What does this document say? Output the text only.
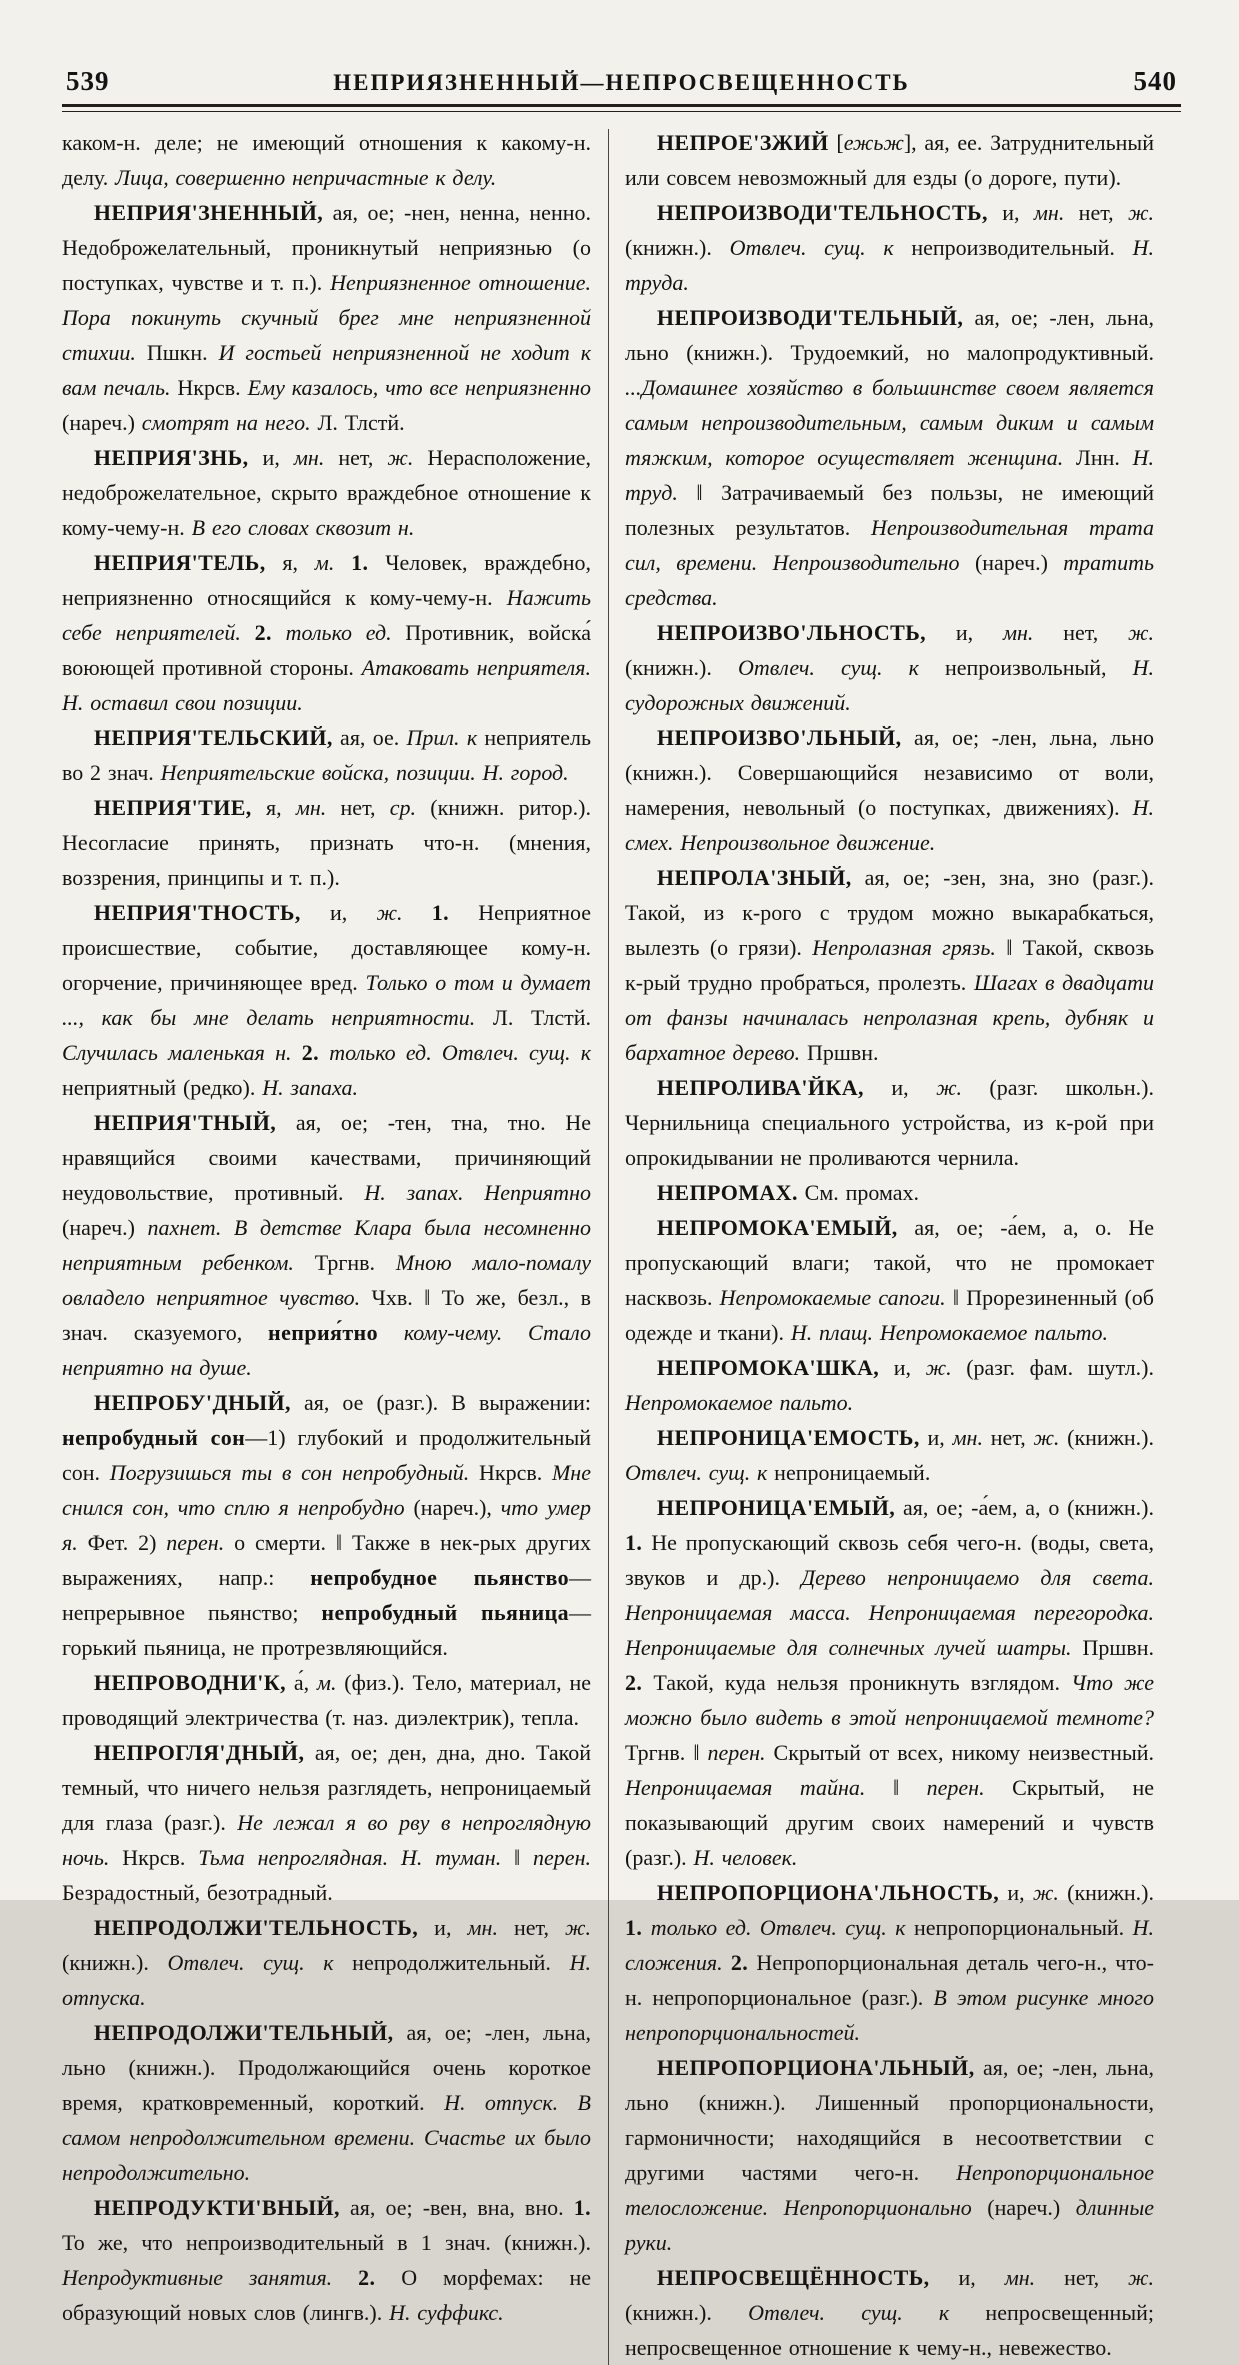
539	НЕПРИЯЗНЕННЫЙ—НЕПРОСВЕЩЕННОСТЬ	540

каком-н. деле; не имеющий отношения к какому-н. делу. Лица, совершенно непричастные к делу.

НЕПРИЯ'ЗНЕННЫЙ, ая, ое; -нен, ненна, ненно. Недоброжелательный, проникнутый неприязнью (о поступках, чувстве и т. п.). Неприязненное отношение. Пора покинуть скучный брег мне неприязненной стихии. Пшкн. И гостьей неприязненной не ходит к вам печаль. Нкрсв. Ему казалось, что все неприязненно (нареч.) смотрят на него. Л. Тлстй.

НЕПРИЯ'ЗНЬ, и, мн. нет, ж. Нерасположение, недоброжелательное, скрыто враждебное отношение к кому-чему-н. В его словах сквозит н.

НЕПРИЯ'ТЕЛЬ, я, м. 1. Человек, враждебно, неприязненно относящийся к кому-чему-н. Нажить себе неприятелей. 2. только ед. Противник, войска́ воюющей противной стороны. Атаковать неприятеля. Н. оставил свои позиции.

НЕПРИЯ'ТЕЛЬСКИЙ, ая, ое. Прил. к неприятель во 2 знач. Неприятельские войска, позиции. Н. город.

НЕПРИЯ'ТИЕ, я, мн. нет, ср. (книжн. ритор.). Несогласие принять, признать что-н. (мнения, воззрения, принципы и т. п.).

НЕПРИЯ'ТНОСТЬ, и, ж. 1. Неприятное происшествие, событие, доставляющее кому-н. огорчение, причиняющее вред. Только о том и думает ..., как бы мне делать неприятности. Л. Тлстй. Случилась маленькая н. 2. только ед. Отвлеч. сущ. к неприятный (редко). Н. запаха.

НЕПРИЯ'ТНЫЙ, ая, ое; -тен, тна, тно. Не нравящийся своими качествами, причиняющий неудовольствие, противный. Н. запах. Неприятно (нареч.) пахнет. В детстве Клара была несомненно неприятным ребенком. Тргнв. Мною мало-помалу овладело неприятное чувство. Чхв. ‖ То же, безл., в знач. сказуемого, неприя́тно кому-чему. Стало неприятно на душе.

НЕПРОБУ'ДНЫЙ, ая, ое (разг.). В выражении: непробудный сон—1) глубокий и продолжительный сон. Погрузишься ты в сон непробудный. Нкрсв. Мне снился сон, что сплю я непробудно (нареч.), что умер я. Фет. 2) перен. о смерти. ‖ Также в нек-рых других выражениях, напр.: непробудное пьянство—непрерывное пьянство; непробудный пьяница—горький пьяница, не протрезвляющийся.

НЕПРОВОДНИ'К, а́, м. (физ.). Тело, материал, не проводящий электричества (т. наз. диэлектрик), тепла.

НЕПРОГЛЯ'ДНЫЙ, ая, ое; ден, дна, дно. Такой темный, что ничего нельзя разглядеть, непроницаемый для глаза (разг.). Не лежал я во рву в непроглядную ночь. Нкрсв. Тьма непроглядная. Н. туман. ‖ перен. Безрадостный, безотрадный.

НЕПРОДОЛЖИ'ТЕЛЬНОСТЬ, и, мн. нет, ж. (книжн.). Отвлеч. сущ. к непродолжительный. Н. отпуска.

НЕПРОДОЛЖИ'ТЕЛЬНЫЙ, ая, ое; -лен, льна, льно (книжн.). Продолжающийся очень короткое время, кратковременный, короткий. Н. отпуск. В самом непродолжительном времени. Счастье их было непродолжительно.

НЕПРОДУКТИ'ВНЫЙ, ая, ое; -вен, вна, вно. 1. То же, что непроизводительный в 1 знач. (книжн.). Непродуктивные занятия. 2. О морфемах: не образующий новых слов (лингв.). Н. суффикс.

НЕПРОЕ'ЗЖИЙ [ежьж], ая, ее. Затруднительный или совсем невозможный для езды (о дороге, пути).

НЕПРОИЗВОДИ'ТЕЛЬНОСТЬ, и, мн. нет, ж. (книжн.). Отвлеч. сущ. к непроизводительный. Н. труда.

НЕПРОИЗВОДИ'ТЕЛЬНЫЙ, ая, ое; -лен, льна, льно (книжн.). Трудоемкий, но малопродуктивный. ...Домашнее хозяйство в большинстве своем является самым непроизводительным, самым диким и самым тяжким, которое осуществляет женщина. Лнн. Н. труд. ‖ Затрачиваемый без пользы, не имеющий полезных результатов. Непроизводительная трата сил, времени. Непроизводительно (нареч.) тратить средства.

НЕПРОИЗВО'ЛЬНОСТЬ, и, мн. нет, ж. (книжн.). Отвлеч. сущ. к непроизвольный, Н. судорожных движений.

НЕПРОИЗВО'ЛЬНЫЙ, ая, ое; -лен, льна, льно (книжн.). Совершающийся независимо от воли, намерения, невольный (о поступках, движениях). Н. смех. Непроизвольное движение.

НЕПРОЛА'ЗНЫЙ, ая, ое; -зен, зна, зно (разг.). Такой, из к-рого с трудом можно выкарабкаться, вылезть (о грязи). Непролазная грязь. ‖ Такой, сквозь к-рый трудно пробраться, пролезть. Шагах в двадцати от фанзы начиналась непролазная крепь, дубняк и бархатное дерево. Пршвн.

НЕПРОЛИВА'ЙКА, и, ж. (разг. школьн.). Чернильница специального устройства, из к-рой при опрокидывании не проливаются чернила.

НЕПРОМАХ. См. промах.

НЕПРОМОКА'ЕМЫЙ, ая, ое; -а́ем, а, о. Не пропускающий влаги; такой, что не промокает насквозь. Непромокаемые сапоги. ‖ Прорезиненный (об одежде и ткани). Н. плащ. Непромокаемое пальто.

НЕПРОМОКА'ШКА, и, ж. (разг. фам. шутл.). Непромокаемое пальто.

НЕПРОНИЦА'ЕМОСТЬ, и, мн. нет, ж. (книжн.). Отвлеч. сущ. к непроницаемый.

НЕПРОНИЦА'ЕМЫЙ, ая, ое; -а́ем, а, о (книжн.). 1. Не пропускающий сквозь себя чего-н. (воды, света, звуков и др.). Дерево непроницаемо для света. Непроницаемая масса. Непроницаемая перегородка. Непроницаемые для солнечных лучей шатры. Пршвн. 2. Такой, куда нельзя проникнуть взглядом. Что же можно было видеть в этой непроницаемой темноте? Тргнв. ‖ перен. Скрытый от всех, никому неизвестный. Непроницаемая тайна. ‖ перен. Скрытый, не показывающий другим своих намерений и чувств (разг.). Н. человек.

НЕПРОПОРЦИОНА'ЛЬНОСТЬ, и, ж. (книжн.). 1. только ед. Отвлеч. сущ. к непропорциональный. Н. сложения. 2. Непропорциональная деталь чего-н., что-н. непропорциональное (разг.). В этом рисунке много непропорциональностей.

НЕПРОПОРЦИОНА'ЛЬНЫЙ, ая, ое; -лен, льна, льно (книжн.). Лишенный пропорциональности, гармоничности; находящийся в несоответствии с другими частями чего-н. Непропорциональное телосложение. Непропорционально (нареч.) длинные руки.

НЕПРОСВЕЩЁННОСТЬ, и, мн. нет, ж. (книжн.). Отвлеч. сущ. к непросвещенный; непросвещенное отношение к чему-н., невежество.
